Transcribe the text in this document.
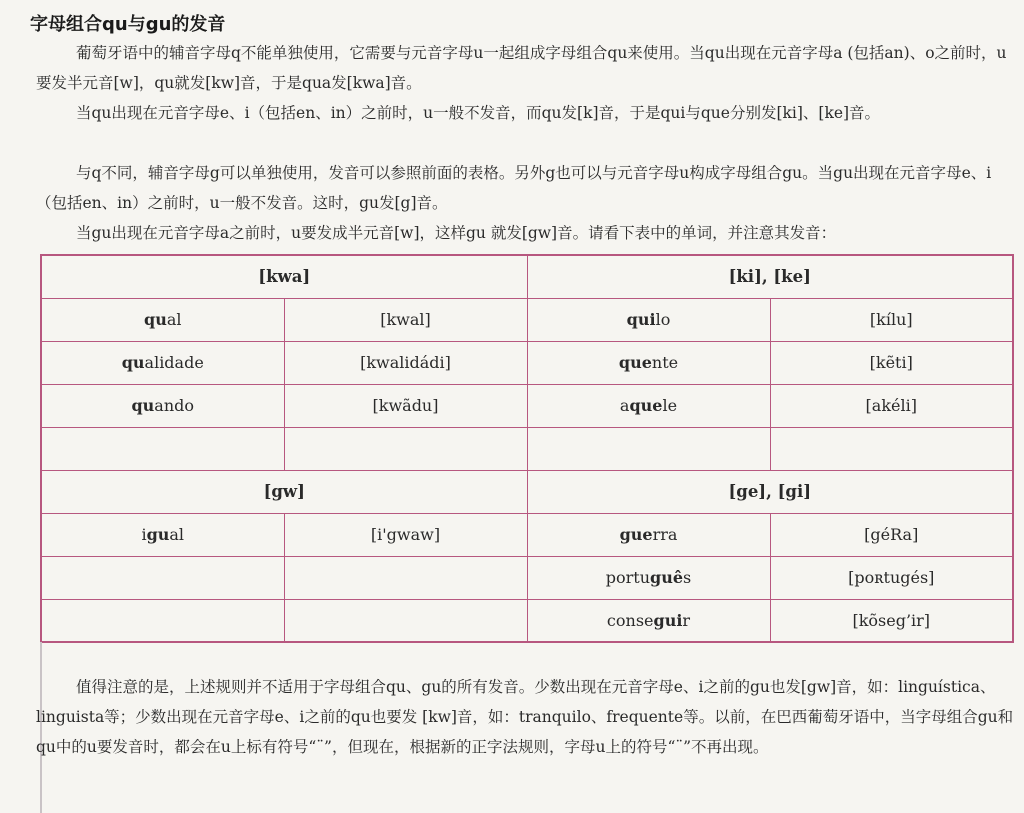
字母组合qu与gu的发音
葡萄牙语中的辅音字母q不能单独使用，它需要与元音字母u一起组成字母组合qu来使用。当qu出现在元音字母a (包括an)、o之前时，u要发半元音[w]，qu就发[kw]音，于是qua发[kwa]音。
当qu出现在元音字母e、i（包括en、in）之前时，u一般不发音，而qu发[k]音，于是qui与que分别发[ki]、[ke]音。
与q不同，辅音字母g可以单独使用，发音可以参照前面的表格。另外g也可以与元音字母u构成字母组合gu。当gu出现在元音字母e、i（包括en、in）之前时，u一般不发音。这时，gu发[g]音。
当gu出现在元音字母a之前时，u要发成半元音[w]，这样gu 就发[gw]音。请看下表中的单词，并注意其发音：
[kwa]		[ki], [ke]	
qual	[kwal]	quilo	[kílu]
qualidade	[kwalidádi]	quente	[kẽti]
quando	[kwãdu]	aquele	[akéli]

[gw]		[ge], [gi]	
igual	[i'gwaw]	guerra	[géRa]
		português	[poʀtugés]
		conseguir	[kõseg’ir]
值得注意的是，上述规则并不适用于字母组合qu、gu的所有发音。少数出现在元音字母e、i之前的gu也发[gw]音，如：linguística、linguista等；少数出现在元音字母e、i之前的qu也要发 [kw]音，如：tranquilo、frequente等。以前，在巴西葡萄牙语中，当字母组合gu和qu中的u要发音时，都会在u上标有符号“¨”，但现在，根据新的正字法规则，字母u上的符号“¨”不再出现。
